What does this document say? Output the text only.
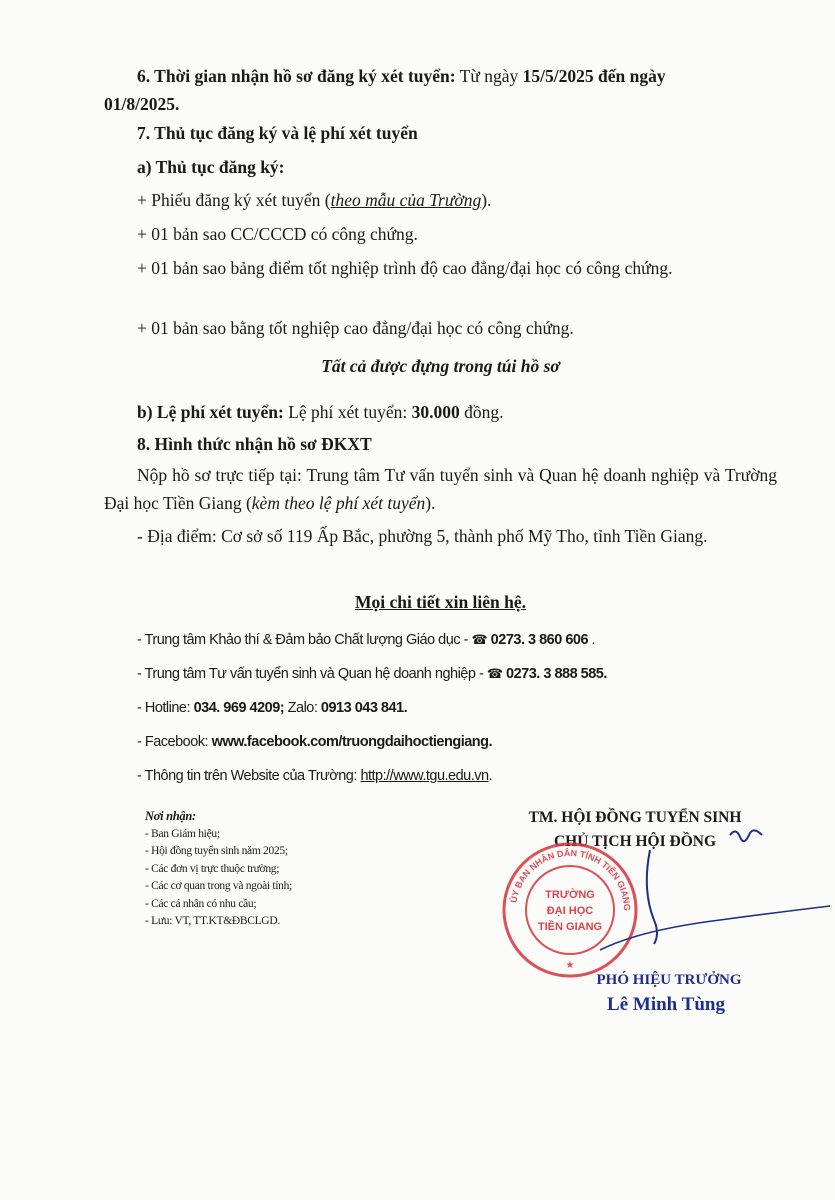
6. Thời gian nhận hồ sơ đăng ký xét tuyển: Từ ngày 15/5/2025 đến ngày
01/8/2025.

7. Thủ tục đăng ký và lệ phí xét tuyển

a) Thủ tục đăng ký:

+ Phiếu đăng ký xét tuyển (theo mẫu của Trường).

+ 01 bản sao CC/CCCD có công chứng.

+ 01 bản sao bảng điểm tốt nghiệp trình độ cao đẳng/đại học có công chứng.

+ 01 bản sao bằng tốt nghiệp cao đẳng/đại học có công chứng.

Tất cả được đựng trong túi hồ sơ

b) Lệ phí xét tuyển: Lệ phí xét tuyển: 30.000 đồng.

8. Hình thức nhận hồ sơ ĐKXT

Nộp hồ sơ trực tiếp tại: Trung tâm Tư vấn tuyển sinh và Quan hệ doanh nghiệp và Trường Đại học Tiền Giang (kèm theo lệ phí xét tuyển).

- Địa điểm: Cơ sở số 119 Ấp Bắc, phường 5, thành phố Mỹ Tho, tỉnh Tiền Giang.

Mọi chi tiết xin liên hệ.

- Trung tâm Khảo thí & Đảm bảo Chất lượng Giáo dục - ☎ 0273. 3 860 606 .

- Trung tâm Tư vấn tuyển sinh và Quan hệ doanh nghiệp - ☎ 0273. 3 888 585.

- Hotline: 034. 969 4209; Zalo: 0913 043 841.

- Facebook: www.facebook.com/truongdaihoctiengiang.

- Thông tin trên Website của Trường: http://www.tgu.edu.vn.

Nơi nhận:
- Ban Giám hiệu;
- Hội đồng tuyển sinh năm 2025;
- Các đơn vị trực thuộc trường;
- Các cơ quan trong và ngoài tỉnh;
- Các cá nhân có nhu cầu;
- Lưu: VT, TT.KT&ĐBCLGD.
TM. HỘI ĐỒNG TUYỂN SINH
CHỦ TỊCH HỘI ĐỒNG
ỦY BAN NHÂN DÂN TỈNH TIỀN GIANG
TRƯỜNG
ĐẠI HỌC
TIỀN GIANG
★
PHÓ HIỆU TRƯỞNG
Lê Minh Tùng
